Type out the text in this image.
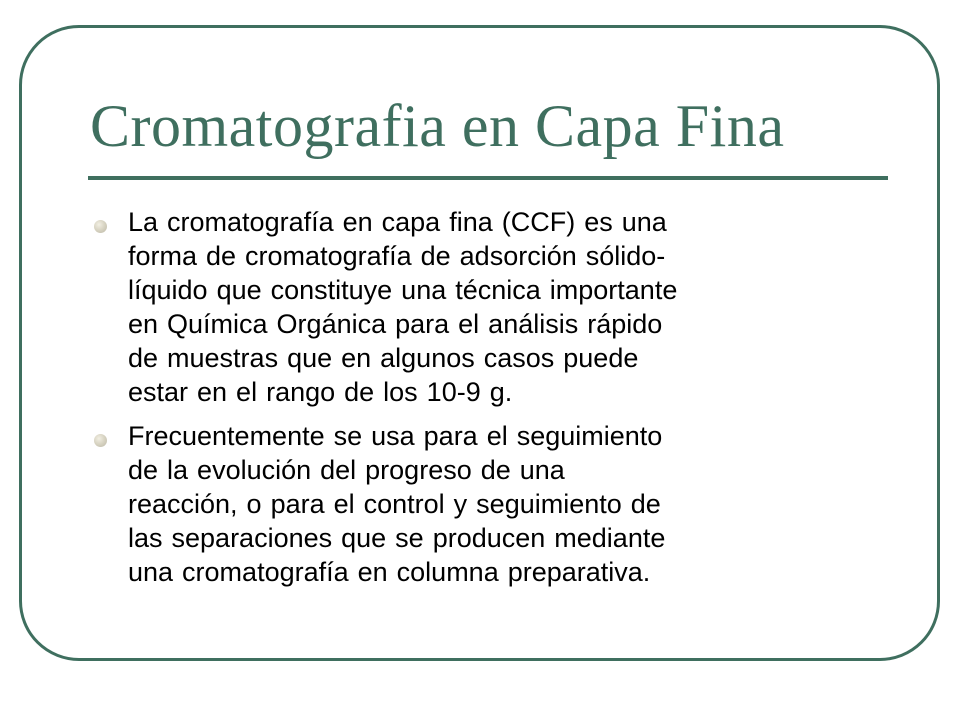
Cromatografia en Capa Fina
La cromatografía en capa fina (CCF) es una
forma de cromatografía de adsorción sólido-
líquido que constituye una técnica importante
en Química Orgánica para el análisis rápido
de muestras que en algunos casos puede
estar en el rango de los 10-9 g.
Frecuentemente se usa para el seguimiento
de la evolución del progreso de una
reacción, o para el control y seguimiento de
las separaciones que se producen mediante
una cromatografía en columna preparativa.
